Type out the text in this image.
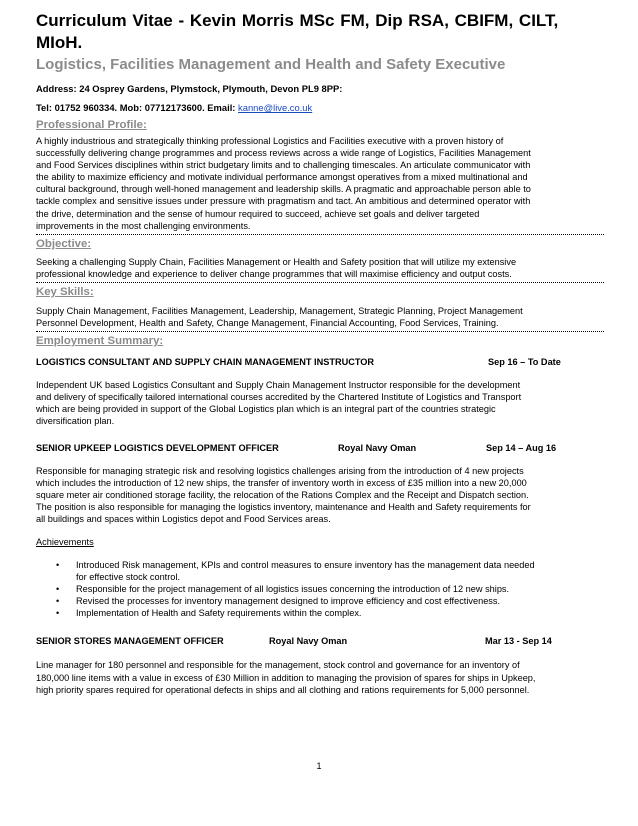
Curriculum Vitae - Kevin Morris MSc FM, Dip RSA, CBIFM, CILT, MIoH.
Logistics, Facilities Management and Health and Safety Executive
Address: 24 Osprey Gardens, Plymstock, Plymouth, Devon PL9 8PP:
Tel: 01752 960334. Mob: 07712173600. Email: kanne@live.co.uk
Professional Profile:
A highly industrious and strategically thinking professional Logistics and Facilities executive with a proven history of
successfully delivering change programmes and process reviews across a wide range of Logistics, Facilities Management
and Food Services disciplines within strict budgetary limits and to challenging timescales. An articulate communicator with
the ability to maximize efficiency and motivate individual performance amongst operatives from a mixed multinational and
cultural background, through well-honed management and leadership skills. A pragmatic and approachable person able to
tackle complex and sensitive issues under pressure with pragmatism and tact. An ambitious and determined operator with
the drive, determination and the sense of humour required to succeed, achieve set goals and deliver targeted
improvements in the most challenging environments.
Objective:
Seeking a challenging Supply Chain, Facilities Management or Health and Safety position that will utilize my extensive
professional knowledge and experience to deliver change programmes that will maximise efficiency and output costs.
Key Skills:
Supply Chain Management, Facilities Management, Leadership, Management, Strategic Planning, Project Management
Personnel Development, Health and Safety, Change Management, Financial Accounting, Food Services, Training.
Employment Summary:
LOGISTICS CONSULTANT AND SUPPLY CHAIN MANAGEMENT INSTRUCTOR	Sep 16 – To Date
Independent UK based Logistics Consultant and Supply Chain Management Instructor responsible for the development
and delivery of specifically tailored international courses accredited by the Chartered Institute of Logistics and Transport
which are being provided in support of the Global Logistics plan which is an integral part of the countries strategic
diversification plan.
SENIOR UPKEEP LOGISTICS DEVELOPMENT OFFICER	Royal Navy Oman	Sep 14 – Aug 16
Responsible for managing strategic risk and resolving logistics challenges arising from the introduction of 4 new projects
which includes the introduction of 12 new ships, the transfer of inventory worth in excess of £35 million into a new 20,000
square meter air conditioned storage facility, the relocation of the Rations Complex and the Receipt and Dispatch section.
The position is also responsible for managing the logistics inventory, maintenance and Health and Safety requirements for
all buildings and spaces within Logistics depot and Food Services areas.
Achievements
• Introduced Risk management, KPIs and control measures to ensure inventory has the management data needed
for effective stock control.
• Responsible for the project management of all logistics issues concerning the introduction of 12 new ships.
• Revised the processes for inventory management designed to improve efficiency and cost effectiveness.
• Implementation of Health and Safety requirements within the complex.
SENIOR STORES MANAGEMENT OFFICER	Royal Navy Oman	Mar 13 - Sep 14
Line manager for 180 personnel and responsible for the management, stock control and governance for an inventory of
180,000 line items with a value in excess of £30 Million in addition to managing the provision of spares for ships in Upkeep,
high priority spares required for operational defects in ships and all clothing and rations requirements for 5,000 personnel.
1
